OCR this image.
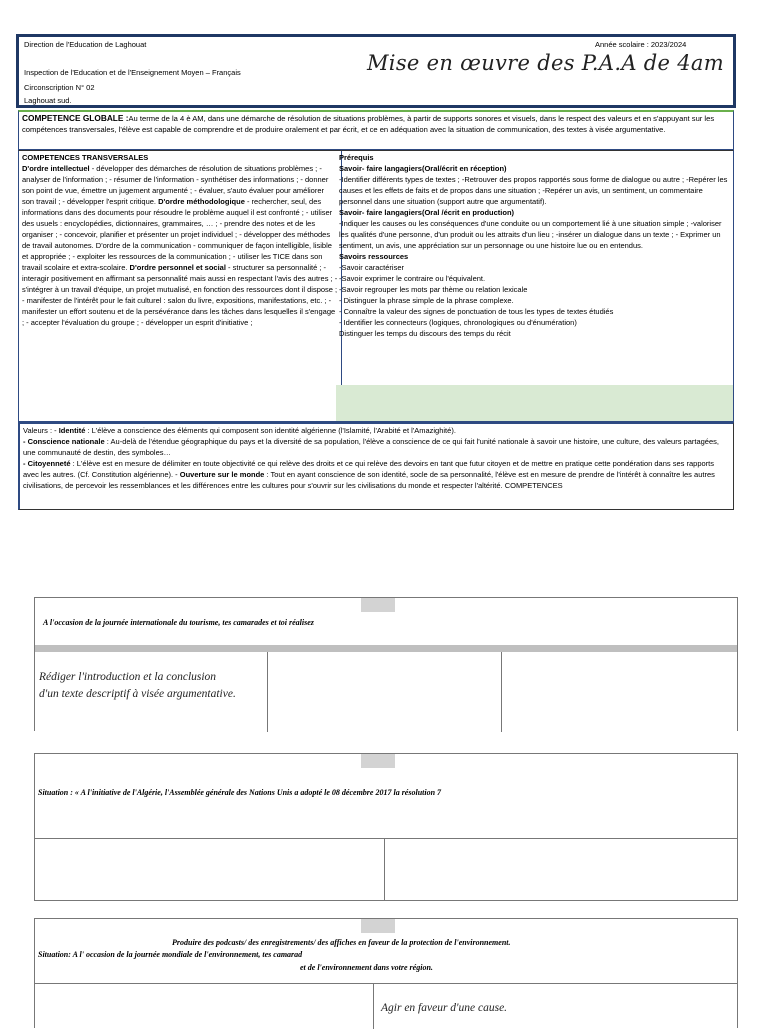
Direction de l'Education de Laghouat	Année scolaire : 2023/2024
Inspection de l'Education et de l'Enseignement Moyen – Français
Circonscription N° 02
Laghouat sud.
Mise en œuvre des P.A.A de 4am
COMPETENCE GLOBALE :Au terme de la 4 è AM, dans une démarche de résolution de situations problèmes, à partir de supports sonores et visuels, dans le respect des valeurs et en s'appuyant sur les compétences transversales, l'élève est capable de comprendre et de produire oralement et par écrit, et ce en adéquation avec la situation de communication, des textes à visée argumentative.
COMPETENCES TRANSVERSALES
D'ordre intellectuel - développer des démarches de résolution de situations problèmes ; - analyser de l'information ; - résumer de l'information - synthétiser des informations ; - donner son point de vue, émettre un jugement argumenté ; - évaluer, s'auto évaluer pour améliorer son travail ; - développer l'esprit critique. D'ordre méthodologique - rechercher, seul, des informations dans des documents pour résoudre le problème auquel il est confronté ; - utiliser des usuels : encyclopédies, dictionnaires, grammaires, … ; - prendre des notes et de les organiser ; - concevoir, planifier et présenter un projet individuel ; - développer des méthodes de travail autonomes. D'ordre de la communication - communiquer de façon intelligible, lisible et appropriée ; - exploiter les ressources de la communication ; - utiliser les TICE dans son travail scolaire et extra-scolaire. D'ordre personnel et social - structurer sa personnalité ; - interagir positivement en affirmant sa personnalité mais aussi en respectant l'avis des autres ; - s'intégrer à un travail d'équipe, un projet mutualisé, en fonction des ressources dont il dispose ; - manifester de l'intérêt pour le fait culturel : salon du livre, expositions, manifestations, etc. ; - manifester un effort soutenu et de la persévérance dans les tâches dans lesquelles il s'engage ; - accepter l'évaluation du groupe ; - développer un esprit d'initiative ;
Prérequis
Savoir- faire langagiers(Oral/écrit en réception)
-Identifier différents types de textes ; -Retrouver des propos rapportés sous forme de dialogue ou autre ; -Repérer les causes et les effets de faits et de propos dans une situation ; -Repérer un avis, un sentiment, un commentaire personnel dans une situation (support autre que argumentatif).
Savoir- faire langagiers(Oral /écrit en production)
-Indiquer les causes ou les conséquences d'une conduite ou un comportement lié à une situation simple ; -valoriser les qualités d'une personne, d'un produit ou les attraits d'un lieu ; -insérer un dialogue dans un texte ; - Exprimer un sentiment, un avis, une appréciation sur un personnage ou une histoire lue ou en entendus.
Savoirs ressources
-Savoir caractériser
-Savoir exprimer le contraire ou l'équivalent.
-Savoir regrouper les mots par thème ou relation lexicale
- Distinguer la phrase simple de la phrase complexe.
- Connaître la valeur des signes de ponctuation de tous les types de textes étudiés
- Identifier les connecteurs (logiques, chronologiques ou d'énumération)
Distinguer les temps du discours des temps du récit
Valeurs : - Identité : L'élève a conscience des éléments qui composent son identité algérienne (l'Islamité, l'Arabité et l'Amazighité).
- Conscience nationale : Au-delà de l'étendue géographique du pays et la diversité de sa population, l'élève a conscience de ce qui fait l'unité nationale à savoir une histoire, une culture, des valeurs partagées, une communauté de destin, des symboles…
- Citoyenneté : L'élève est en mesure de délimiter en toute objectivité ce qui relève des droits et ce qui relève des devoirs en tant que futur citoyen et de mettre en pratique cette pondération dans ses rapports avec les autres. (Cf. Constitution algérienne). - Ouverture sur le monde : Tout en ayant conscience de son identité, socle de sa personnalité, l'élève est en mesure de prendre de l'intérêt à connaître les autres civilisations, de percevoir les ressemblances et les différences entre les cultures pour s'ouvrir sur les civilisations du monde et respecter l'altérité. COMPETENCES
A l'occasion de la journée internationale du tourisme, tes camarades et toi réalisez
Rédiger l'introduction et la conclusion
d'un texte descriptif à visée argumentative.
Situation : « A l'initiative de l'Algérie, l'Assemblée générale des Nations Unis a adopté le 08 décembre 2017 la résolution 7
Produire des podcasts/ des enregistrements/ des affiches en faveur de la protection de l'environnement.
Situation: A l' occasion de la journée mondiale de l'environnement, tes camarad
et de l'environnement dans votre région.
Agir en faveur d'une cause.
